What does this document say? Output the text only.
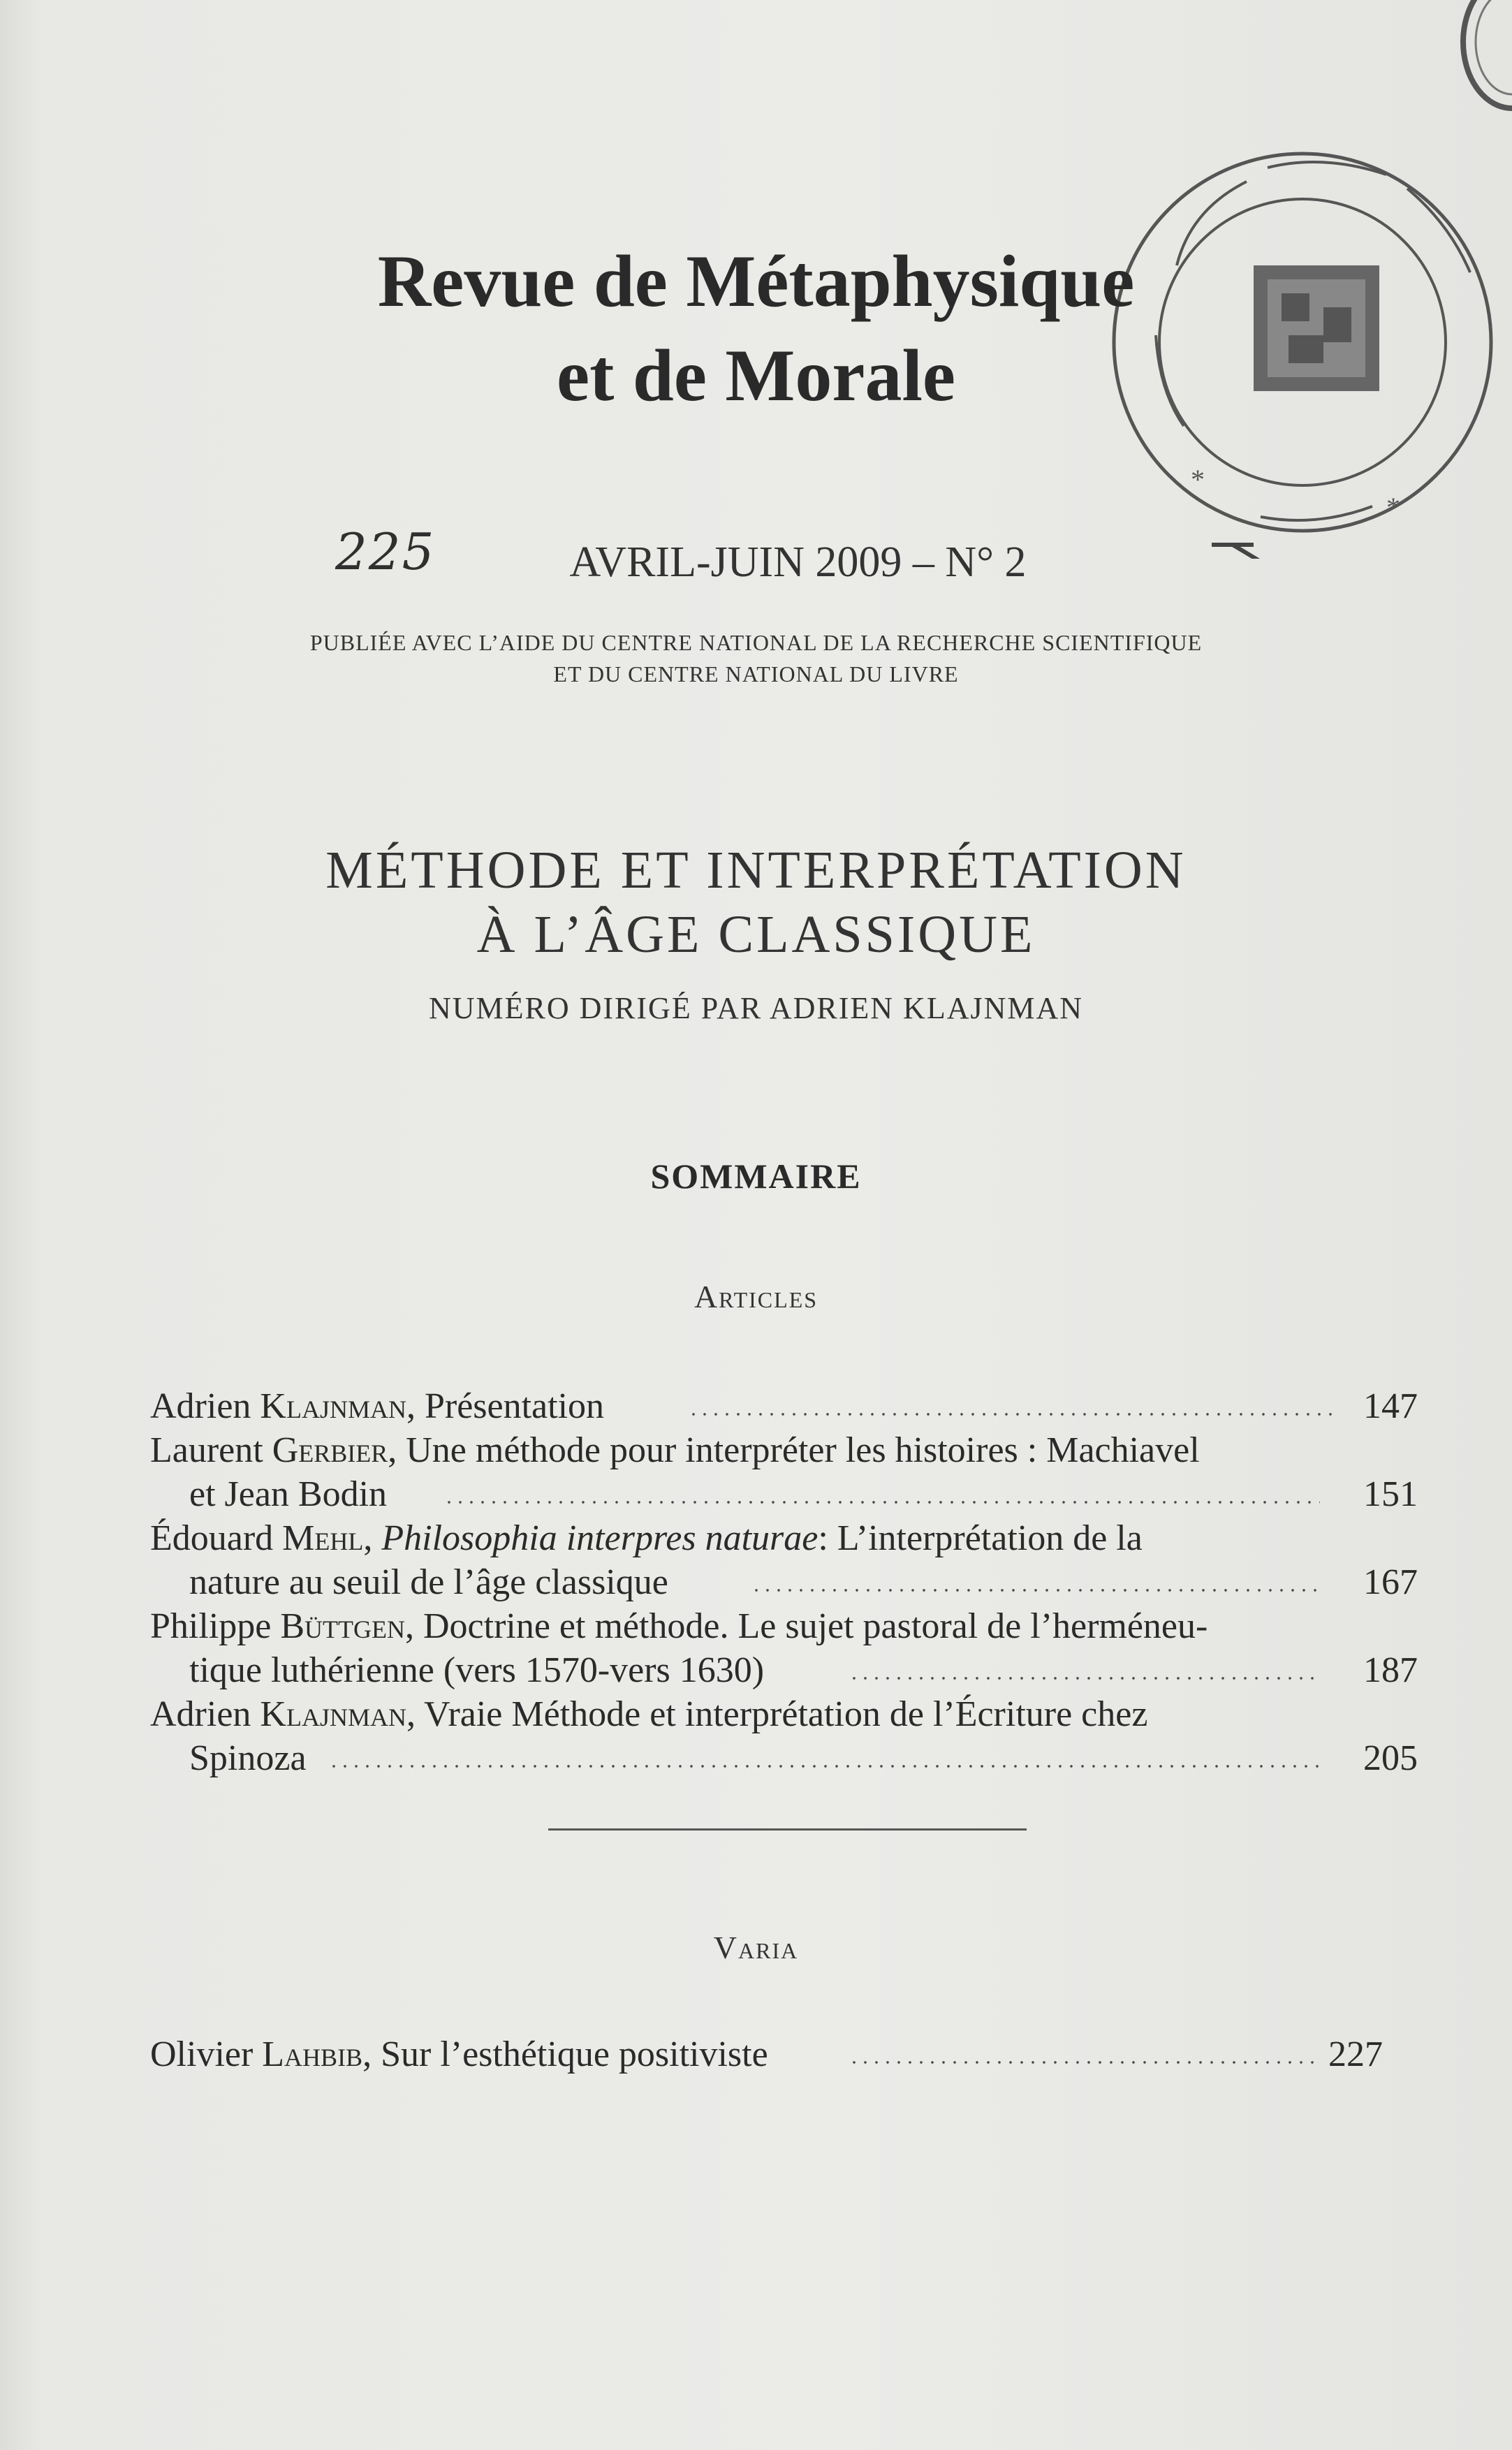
*
*
Revue de Métaphysique
et de Morale
225	AVRIL-JUIN 2009 – N° 2
PUBLIÉE AVEC L’AIDE DU CENTRE NATIONAL DE LA RECHERCHE SCIENTIFIQUE
ET DU CENTRE NATIONAL DU LIVRE
MÉTHODE ET INTERPRÉTATION
À L’ÂGE CLASSIQUE
NUMÉRO DIRIGÉ PAR ADRIEN KLAJNMAN
SOMMAIRE
Articles
Adrien Klajnman, Présentation	147
Laurent Gerbier, Une méthode pour interpréter les histoires : Machiavel
et Jean Bodin	151
Édouard Mehl, Philosophia interpres naturae: L’interprétation de la
nature au seuil de l’âge classique	167
Philippe Büttgen, Doctrine et méthode. Le sujet pastoral de l’herméneu-
tique luthérienne (vers 1570-vers 1630)	187
Adrien Klajnman, Vraie Méthode et interprétation de l’Écriture chez
Spinoza	205
Varia
Olivier Lahbib, Sur l’esthétique positiviste	227
